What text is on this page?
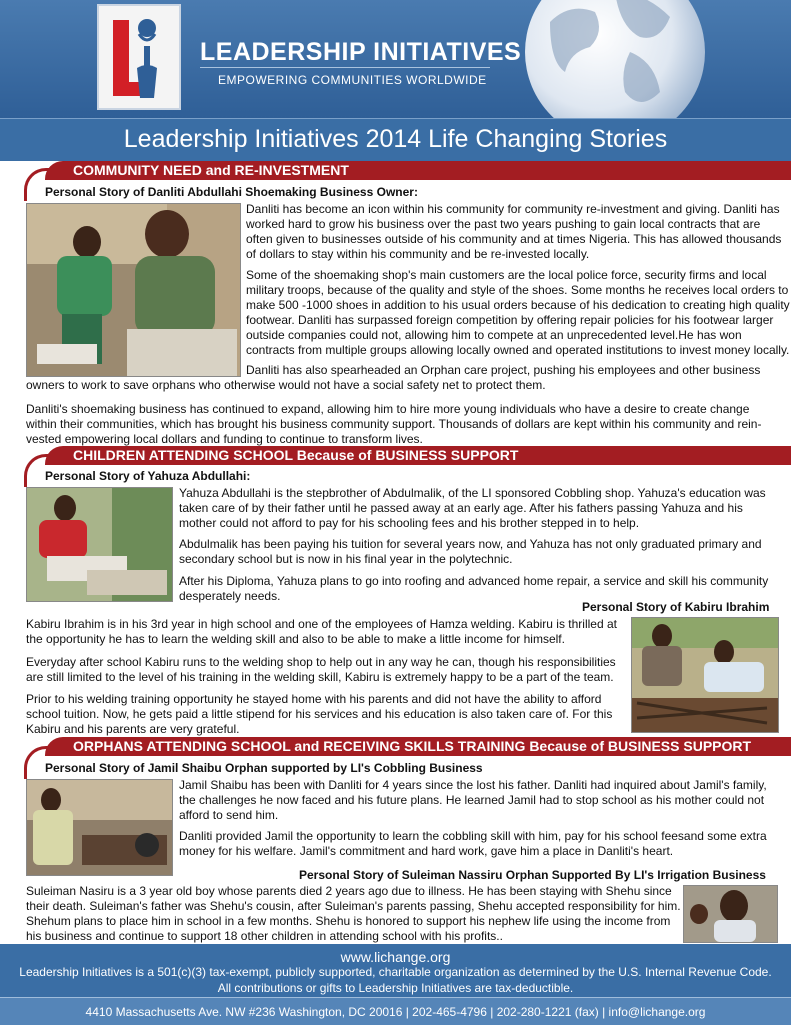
LEADERSHIP INITIATIVES
EMPOWERING COMMUNITIES WORLDWIDE
Leadership Initiatives 2014 Life Changing Stories
COMMUNITY NEED and RE-INVESTMENT
Personal Story of Danliti Abdullahi Shoemaking Business Owner:

Danliti has become an icon within his community for community re-investment and giving. Danliti has worked hard to grow his business over the past two years pushing to gain local contracts that are often given to businesses outside of his community and at times Nigeria. This has allowed thousands of dollars to stay within his community and be re-invested locally.

Some of the shoemaking shop's main customers are the local police force, security firms and local military troops, because of the quality and style of the shoes. Some months he receives local orders to make 500 -1000 shoes in addition to his usual orders because of his dedication to creating high quality footwear. Danliti has surpassed foreign competition by offering repair policies for his footwear larger outside companies could not, allowing him to compete at an unprecedented level.He has won contracts from multiple groups allowing locally owned and operated institutions to invest money locally.

Danliti has also spearheaded an Orphan care project, pushing his employees and other business owners to work to save orphans who otherwise would not have a social safety net to protect them.

Danliti's shoemaking business has continued to expand, allowing him to hire more young individuals who have a desire to create change within their communities, which has brought his business community support. Thousands of dollars are kept within his community and rein-vested empowering local dollars and funding to continue to transform lives.

CHILDREN ATTENDING SCHOOL Because of BUSINESS SUPPORT
Personal Story of Yahuza Abdullahi:

Yahuza Abdullahi is the stepbrother of Abdulmalik, of the LI sponsored Cobbling shop. Yahuza's education was taken care of by their father until he passed away at an early age. After his fathers passing Yahuza and his mother could not afford to pay for his schooling fees and his brother stepped in to help.

Abdulmalik has been paying his tuition for several years now, and Yahuza has not only graduated primary and secondary school but is now in his final year in the polytechnic.

After his Diploma, Yahuza plans to go into roofing and advanced home repair, a service and skill his community desperately needs.

Personal Story of Kabiru Ibrahim

Kabiru Ibrahim is in his 3rd year in high school and one of the employees of Hamza welding. Kabiru is thrilled at the opportunity he has to learn the welding skill and also to be able to make a little income for himself.

Everyday after school Kabiru runs to the welding shop to help out in any way he can, though his responsibilities are still limited to the level of his training in the welding skill, Kabiru is extremely happy to be a part of the team.

Prior to his welding training opportunity he stayed home with his parents and did not have the ability to afford school tuition. Now, he gets paid a little stipend for his services and his education is also taken care of. For this Kabiru and his parents are very grateful.

ORPHANS ATTENDING SCHOOL and RECEIVING SKILLS TRAINING Because of BUSINESS SUPPORT
Personal Story of Jamil Shaibu Orphan supported by LI's Cobbling Business

Jamil Shaibu has been with Danliti for 4 years since the lost his father. Danliti had inquired about Jamil's family, the challenges he now faced and his future plans. He learned Jamil had to stop school as his mother could not afford to send him.

Danliti provided Jamil the opportunity to learn the cobbling skill with him, pay for his school feesand some extra money for his welfare. Jamil's commitment and hard work, gave him a place in Danliti's heart.

Personal Story of Suleiman Nassiru Orphan Supported By LI's Irrigation Business

Suleiman Nasiru is a 3 year old boy whose parents died 2 years ago due to illness. He has been staying with Shehu since their death. Suleiman's father was Shehu's cousin, after Suleiman's parents passing, Shehu accepted responsibility for him. Shehum plans to place him in school in a few months. Shehu is honored to support his nephew life using the income from his business and continue to support 18 other children in attending school with his profits..

www.lichange.org
Leadership Initiatives is a 501(c)(3) tax-exempt, publicly supported, charitable organization as determined by the U.S. Internal Revenue Code.
All contributions or gifts to Leadership Initiatives are tax-deductible.
4410 Massachusetts Ave. NW #236 Washington, DC 20016 | 202-465-4796 | 202-280-1221 (fax) | info@lichange.org
